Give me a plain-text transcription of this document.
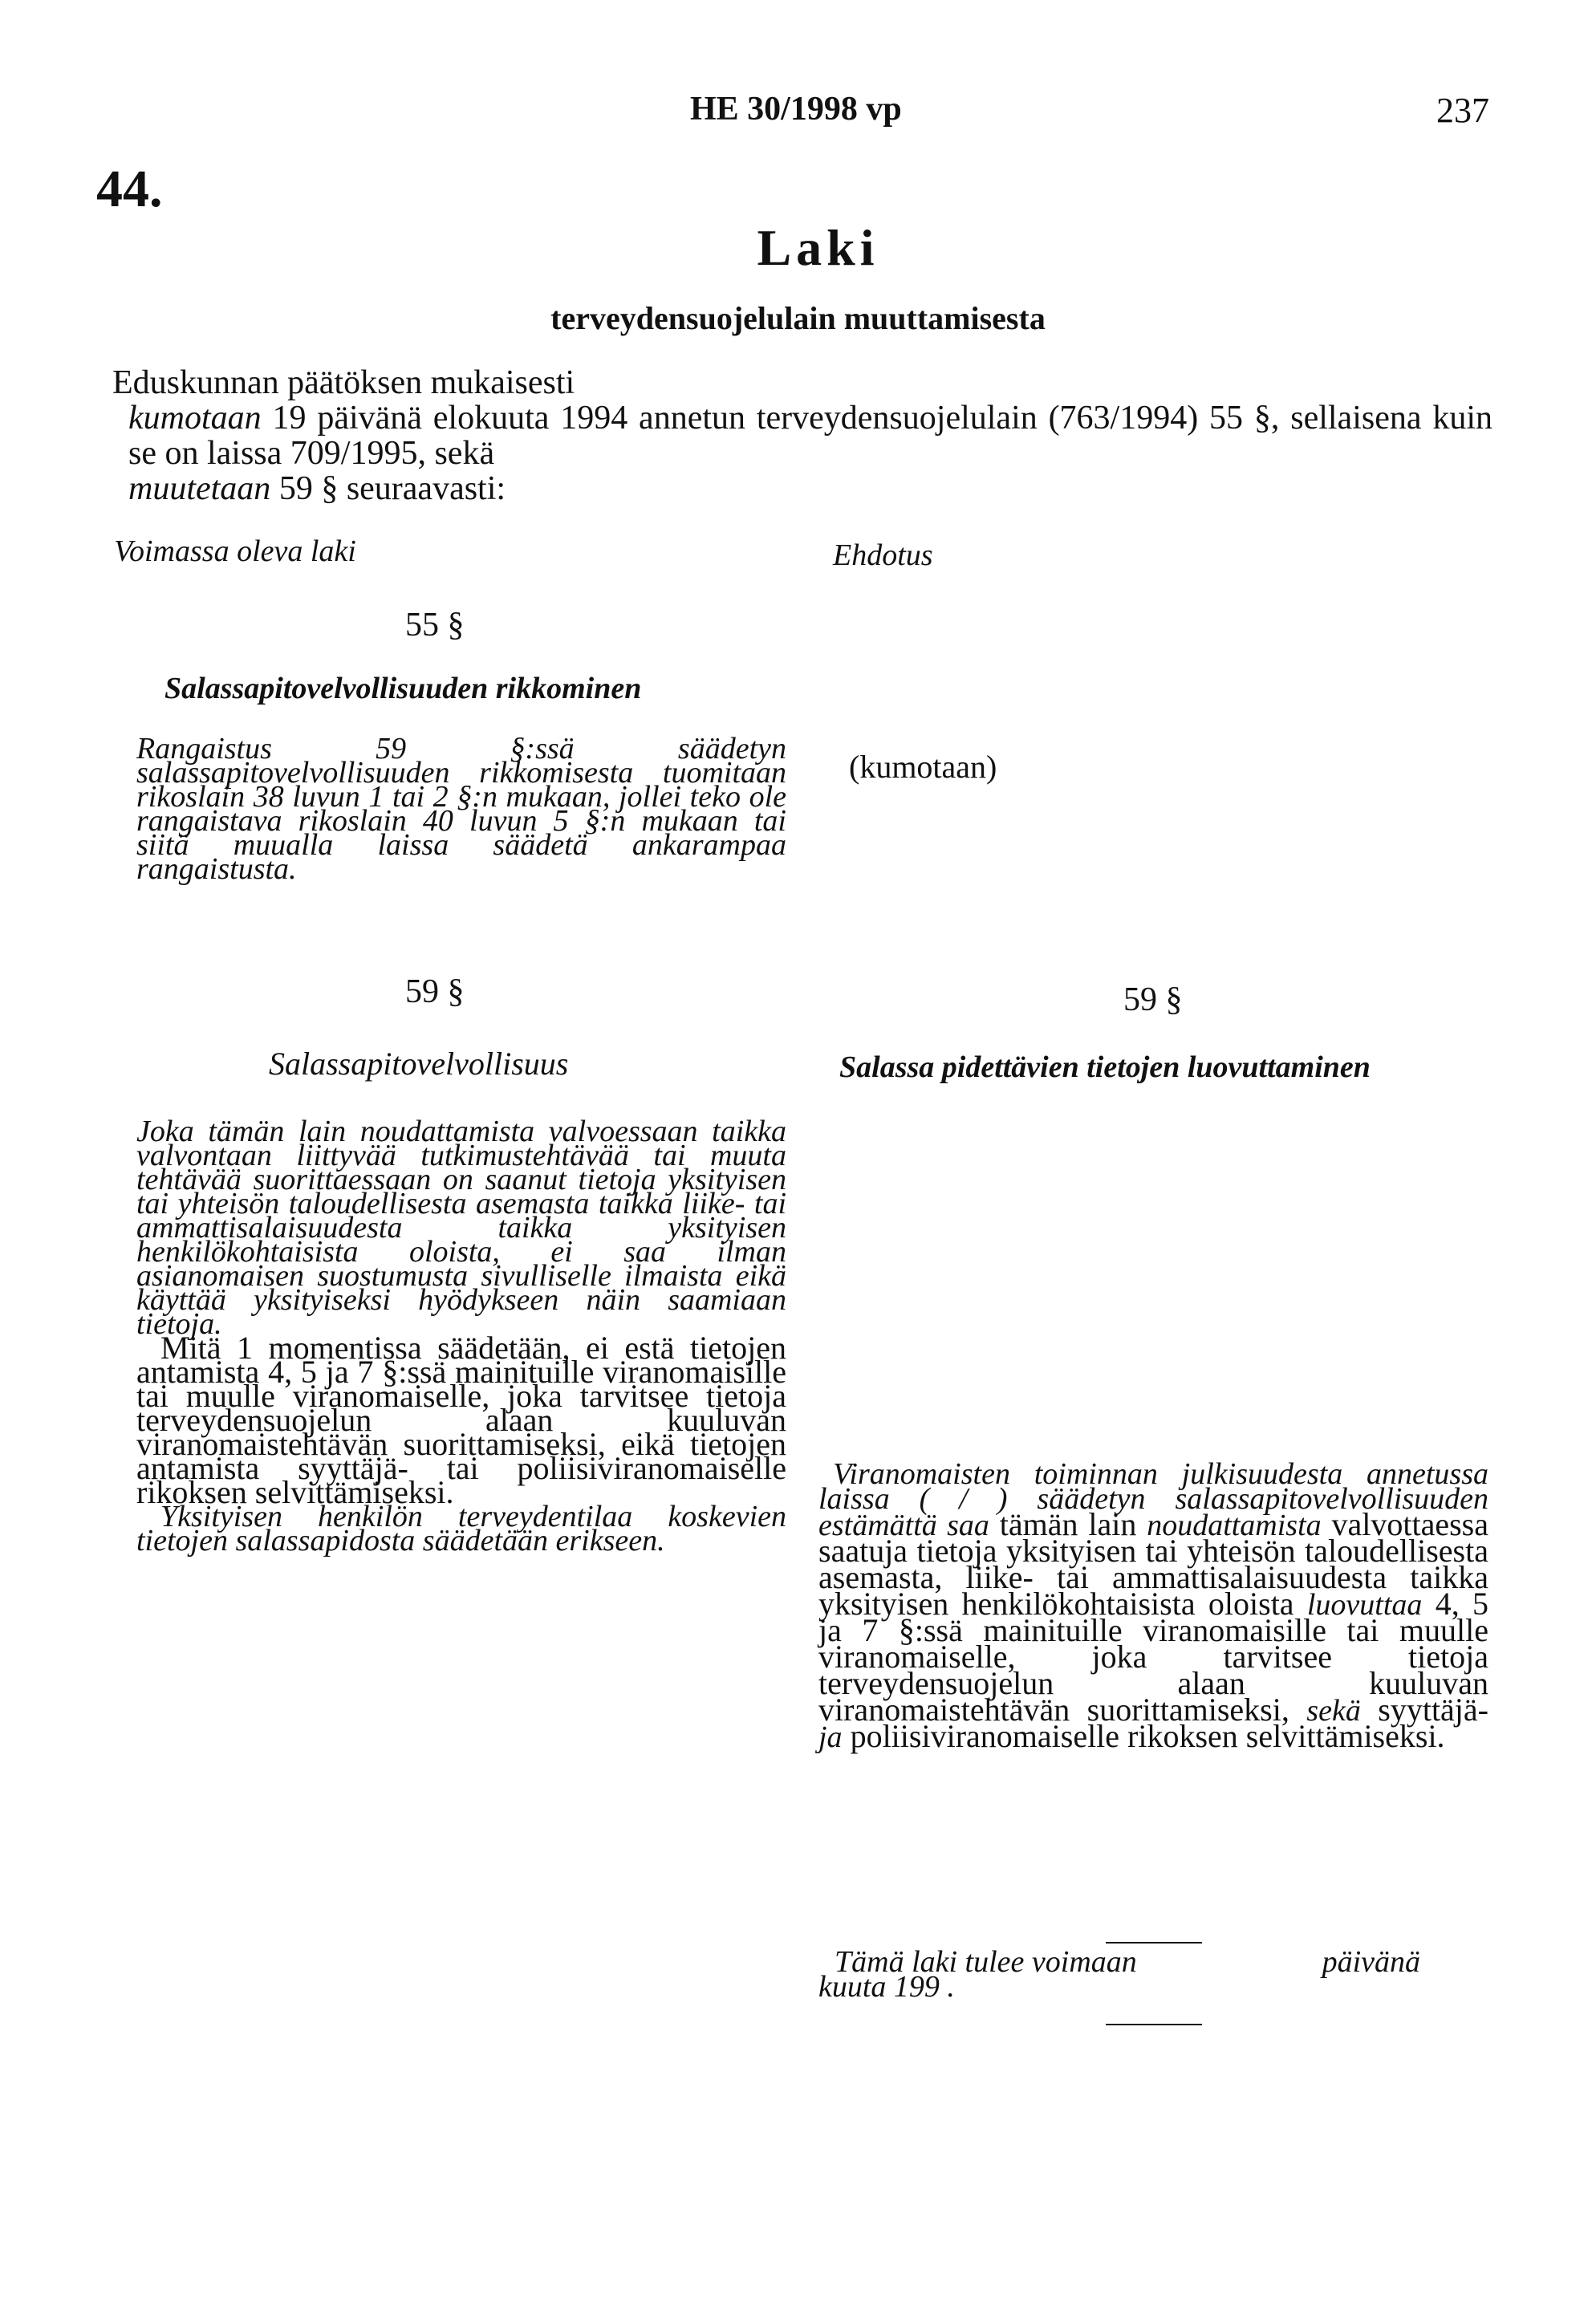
HE 30/1998 vp	237
44.
Laki
terveydensuojelulain muuttamisesta

Eduskunnan päätöksen mukaisesti

kumotaan 19 päivänä elokuuta 1994 annetun terveydensuojelulain (763/1994) 55 §, sellaisena kuin se on laissa 709/1995, sekä

muutetaan 59 § seuraavasti:

Voimassa oleva laki	Ehdotus
55 §
Salassapitovelvollisuuden rikkominen
Rangaistus 59 §:ssä säädetyn salassapitovelvollisuuden rikkomisesta tuomitaan rikoslain 38 luvun 1 tai 2 §:n mukaan, jollei teko ole rangaistava rikoslain 40 luvun 5 §:n mukaan tai siitä muualla laissa säädetä ankarampaa rangaistusta.
(kumotaan)
59 §	59 §
Salassapitovelvollisuus	Salassa pidettävien tietojen luovuttaminen

Joka tämän lain noudattamista valvoessaan taikka valvontaan liittyvää tutkimustehtävää tai muuta tehtävää suorittaessaan on saanut tietoja yksityisen tai yhteisön taloudellisesta asemasta taikka liike- tai ammattisalaisuudesta taikka yksityisen henkilökohtaisista oloista, ei saa ilman asianomaisen suostumusta sivulliselle ilmaista eikä käyttää yksityiseksi hyödykseen näin saamiaan tietoja.

Mitä 1 momentissa säädetään, ei estä tietojen antamista 4, 5 ja 7 §:ssä mainituille viranomaisille tai muulle viranomaiselle, joka tarvitsee tietoja terveydensuojelun alaan kuuluvan viranomaistehtävän suorittamiseksi, eikä tietojen antamista syyttäjä- tai poliisiviranomaiselle rikoksen selvittämiseksi.

Yksityisen henkilön terveydentilaa koskevien tietojen salassapidosta säädetään erikseen.

Viranomaisten toiminnan julkisuudesta annetussa laissa ( / ) säädetyn salassapitovelvollisuuden estämättä saa tämän lain noudattamista valvottaessa saatuja tietoja yksityisen tai yhteisön taloudellisesta asemasta, liike- tai ammattisalaisuudesta taikka yksityisen henkilökohtaisista oloista luovuttaa 4, 5 ja 7 §:ssä mainituille viranomaisille tai muulle viranomaiselle, joka tarvitsee tietoja terveydensuojelun alaan kuuluvan viranomaistehtävän suorittamiseksi, sekä syyttäjä- ja poliisiviranomaiselle rikoksen selvittämiseksi.

Tämä laki tulee voimaan	päivänä
kuuta 199 .
